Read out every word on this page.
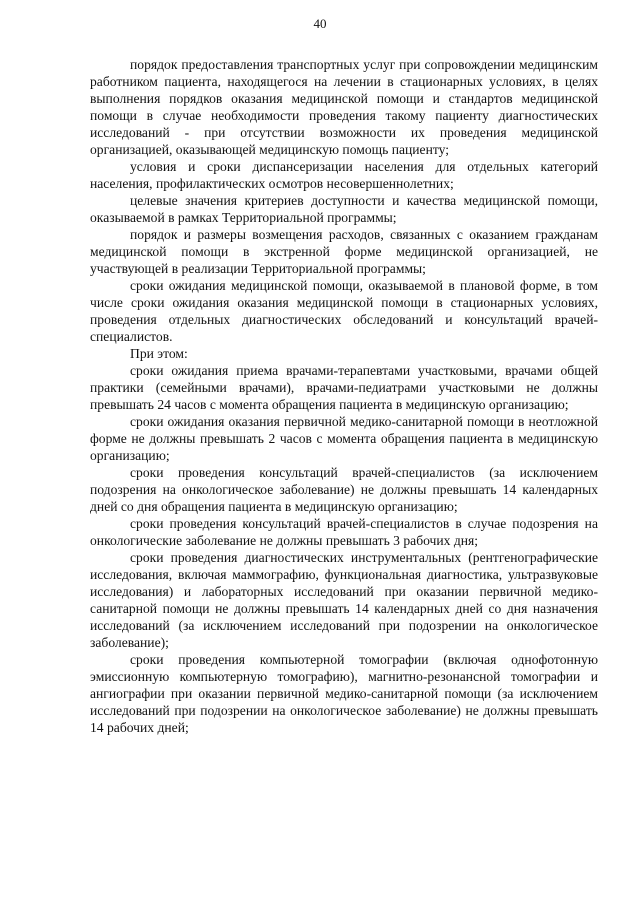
40

порядок предоставления транспортных услуг при сопровождении медицинским работником пациента, находящегося на лечении в стационарных условиях, в целях выполнения порядков оказания медицинской помощи и стандартов медицинской помощи в случае необходимости проведения такому пациенту диагностических исследований - при отсутствии возможности их проведения медицинской организацией, оказывающей медицинскую помощь пациенту;

условия и сроки диспансеризации населения для отдельных категорий населения, профилактических осмотров несовершеннолетних;

целевые значения критериев доступности и качества медицинской помощи, оказываемой в рамках Территориальной программы;

порядок и размеры возмещения расходов, связанных с оказанием гражданам медицинской помощи в экстренной форме медицинской организацией, не участвующей в реализации Территориальной программы;

сроки ожидания медицинской помощи, оказываемой в плановой форме, в том числе сроки ожидания оказания медицинской помощи в стационарных условиях, проведения отдельных диагностических обследований и консультаций врачей-специалистов.

При этом:

сроки ожидания приема врачами-терапевтами участковыми, врачами общей практики (семейными врачами), врачами-педиатрами участковыми не должны превышать 24 часов с момента обращения пациента в медицинскую организацию;

сроки ожидания оказания первичной медико-санитарной помощи в неотложной форме не должны превышать 2 часов с момента обращения пациента в медицинскую организацию;

сроки проведения консультаций врачей-специалистов (за исключением подозрения на онкологическое заболевание) не должны превышать 14 календарных дней со дня обращения пациента в медицинскую организацию;

сроки проведения консультаций врачей-специалистов в случае подозрения на онкологические заболевание не должны превышать 3 рабочих дня;

сроки проведения диагностических инструментальных (рентгенографические исследования, включая маммографию, функциональная диагностика, ультразвуковые исследования) и лабораторных исследований при оказании первичной медико-санитарной помощи не должны превышать 14 календарных дней со дня назначения исследований (за исключением исследований при подозрении на онкологическое заболевание);

сроки проведения компьютерной томографии (включая однофотонную эмиссионную компьютерную томографию), магнитно-резонансной томографии и ангиографии при оказании первичной медико-санитарной помощи (за исключением исследований при подозрении на онкологическое заболевание) не должны превышать 14 рабочих дней;
